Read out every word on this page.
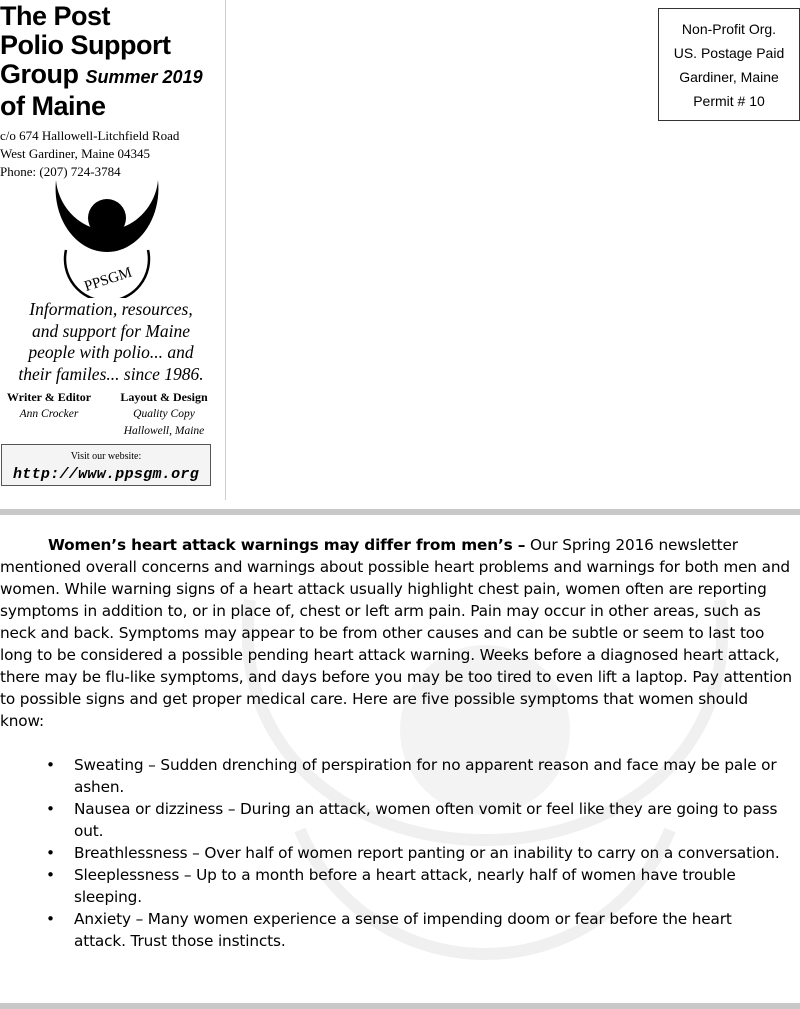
The Post
Polio Support
Group Summer 2019
of Maine
c/o 674 Hallowell-Litchfield Road
West Gardiner, Maine 04345
Phone: (207) 724-3784
PPSGM
Information, resources,
and support for Maine
people with polio... and
their familes... since 1986.
Writer & Editor
Ann Crocker
Layout & Design
Quality Copy
Hallowell, Maine
Visit our website:
http://www.ppsgm.org
Non-Profit Org.
US. Postage Paid
Gardiner, Maine
Permit # 10

Women’s heart attack warnings may differ from men’s – Our Spring 2016 newsletter mentioned overall concerns and warnings about possible heart problems and warnings for both men and women. While warning signs of a heart attack usually highlight chest pain, women often are reporting symptoms in addition to, or in place of, chest or left arm pain. Pain may occur in other areas, such as neck and back. Symptoms may appear to be from other causes and can be subtle or seem to last too long to be considered a possible pending heart attack warning. Weeks before a diagnosed heart attack, there may be flu-like symptoms, and days before you may be too tired to even lift a laptop. Pay attention to possible signs and get proper medical care. Here are five possible symptoms that women should know:

• Sweating – Sudden drenching of perspiration for no apparent reason and face may be pale or ashen.
• Nausea or dizziness – During an attack, women often vomit or feel like they are going to pass out.
• Breathlessness – Over half of women report panting or an inability to carry on a conversation.
• Sleeplessness – Up to a month before a heart attack, nearly half of women have trouble sleeping.
• Anxiety – Many women experience a sense of impending doom or fear before the heart attack. Trust those instincts.
